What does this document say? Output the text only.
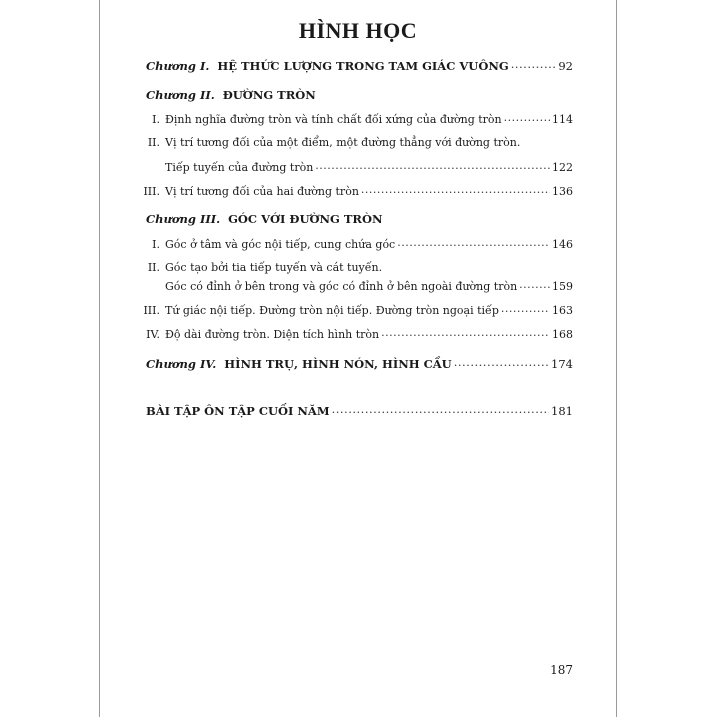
HÌNH HỌC
Chương I. HỆ THỨC LƯỢNG TRONG TAM GIÁC VUÔNG .....	92
Chương II. ĐƯỜNG TRÒN
I. Định nghĩa đường tròn và tính chất đối xứng của đường tròn .....	114
II. Vị trí tương đối của một điểm, một đường thẳng với đường tròn.
Tiếp tuyến của đường tròn .....	122
III. Vị trí tương đối của hai đường tròn .....	136
Chương III. GÓC VỚI ĐƯỜNG TRÒN
I. Góc ở tâm và góc nội tiếp, cung chứa góc .....	146
II. Góc tạo bởi tia tiếp tuyến và cát tuyến.
Góc có đỉnh ở bên trong và góc có đỉnh ở bên ngoài đường tròn .....	159
III. Tứ giác nội tiếp. Đường tròn nội tiếp. Đường tròn ngoại tiếp .....	163
IV. Độ dài đường tròn. Diện tích hình tròn .....	168
Chương IV. HÌNH TRỤ, HÌNH NÓN, HÌNH CẦU .....	174
BÀI TẬP ÔN TẬP CUỐI NĂM .....	181
187
